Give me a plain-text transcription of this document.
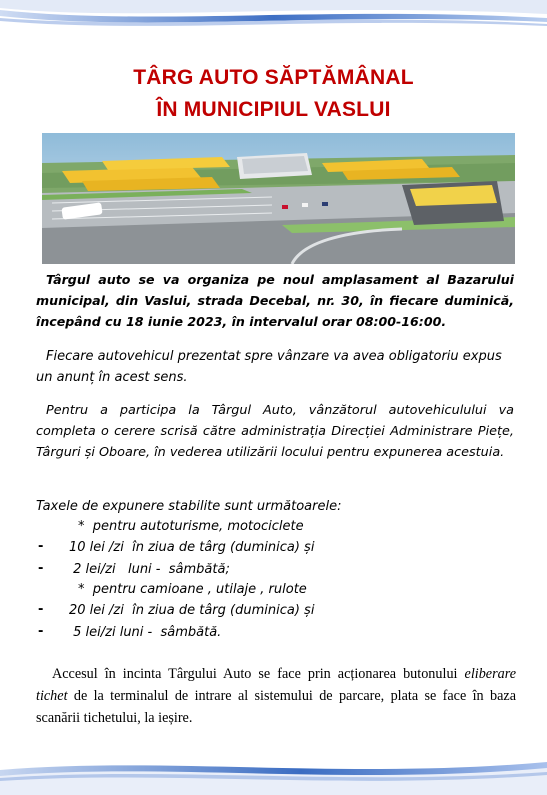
TÂRG AUTO SĂPTĂMÂNAL
ÎN MUNICIPIUL VASLUI
Târgul auto se va organiza pe noul amplasament al Bazarului municipal, din Vaslui, strada Decebal, nr. 30, în fiecare duminică, începând cu 18 iunie 2023, în intervalul orar 08:00-16:00.
Fiecare autovehicul prezentat spre vânzare va avea obligatoriu expus un anunț în acest sens.
Pentru a participa la Târgul Auto, vânzătorul autovehiculului va completa o cerere scrisă către administrația Direcției Administrare Piețe, Târguri și Oboare, în vederea utilizării locului pentru expunerea acestuia.
Taxele de expunere stabilite sunt următoarele:
*  pentru autoturisme, motociclete
- 10 lei /zi  în ziua de târg (duminica) și
- 2 lei/zi   luni -  sâmbătă;
*  pentru camioane , utilaje , rulote
- 20 lei /zi  în ziua de târg (duminica) și
- 5 lei/zi luni -  sâmbătă.
Accesul în incinta Târgului Auto se face prin acționarea butonului eliberare tichet de la terminalul de intrare al sistemului de parcare, plata se face în baza scanării tichetului, la ieșire.
